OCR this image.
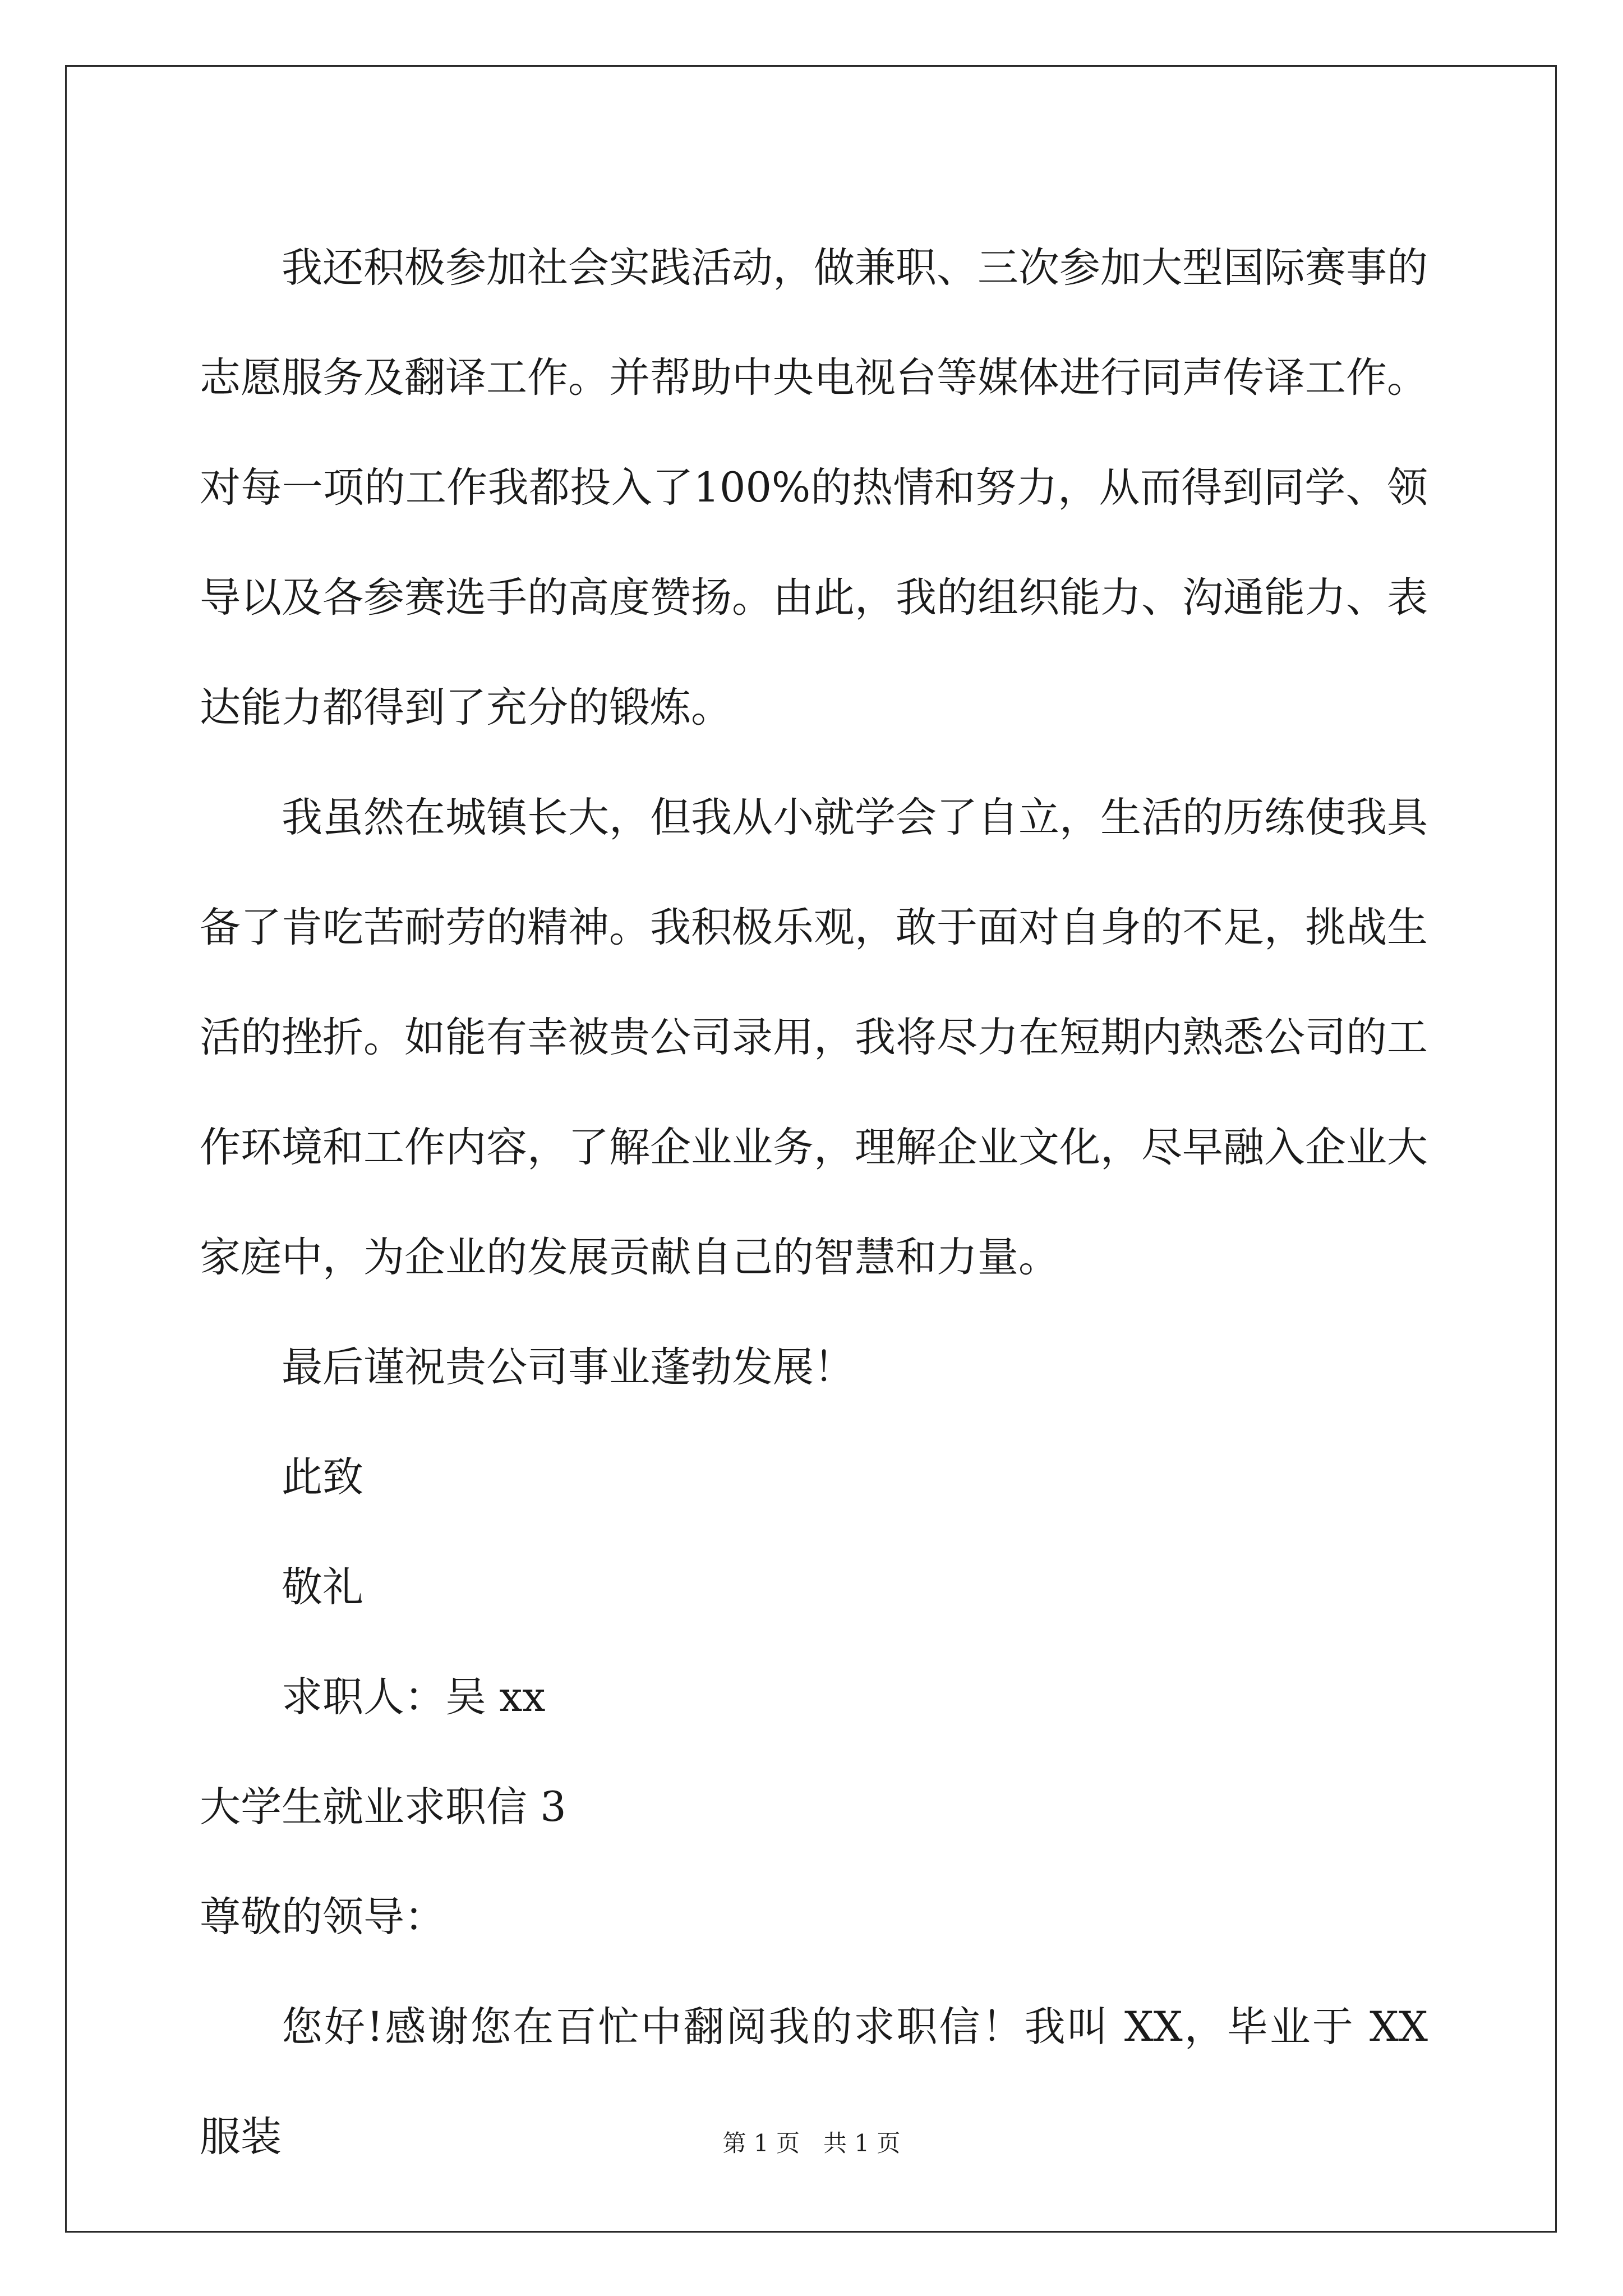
我还积极参加社会实践活动，做兼职、三次参加大型国际赛事的志愿服务及翻译工作。并帮助中央电视台等媒体进行同声传译工作。对每一项的工作我都投入了100%的热情和努力，从而得到同学、领导以及各参赛选手的高度赞扬。由此，我的组织能力、沟通能力、表达能力都得到了充分的锻炼。

我虽然在城镇长大，但我从小就学会了自立，生活的历练使我具备了肯吃苦耐劳的精神。我积极乐观，敢于面对自身的不足，挑战生活的挫折。如能有幸被贵公司录用，我将尽力在短期内熟悉公司的工作环境和工作内容，了解企业业务，理解企业文化，尽早融入企业大家庭中，为企业的发展贡献自己的智慧和力量。

最后谨祝贵公司事业蓬勃发展！

此致

敬礼

求职人：吴 xx

大学生就业求职信 3

尊敬的领导：

您好!感谢您在百忙中翻阅我的求职信！我叫 XX，毕业于 XX 服装	第 1 页　共 1 页
